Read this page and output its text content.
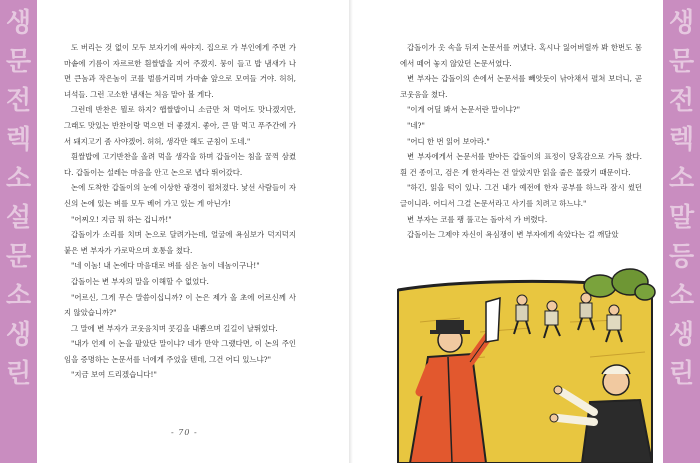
생
문
전
렉
소
설
문
소
생
린
생
문
전
렉
소
말
등
소
생
린

도 버리는 것 없이 모두 보자기에 싸야지. 집으로 가 부인에게 주면 가마솥에 기름이 자르르한 흰쌀밥을 지어 주겠지. 뭉이 들고 밥 냄새가 나면 큰놈과 작은놈이 코를 벌름거리며 가마솥 앞으로 모여들 거야. 허허, 녀석들. 그런 고소한 냄새는 처음 맡아 볼 게다.

그런데 반찬은 뭘로 하지? 햅쌀밥이니 소금만 쳐 먹어도 맛나겠지만, 그래도 맛있는 반찬이랑 먹으면 더 좋겠지. 좋아, 큰 맘 먹고 푸주간에 가서 돼지고기 좀 사야겠어. 허허, 생각만 해도 군침이 도네."

흰쌀밥에 고기반찬을 올려 먹을 생각을 하며 갑돌이는 침을 꿀꺽 삼켰다. 갑돌이는 설레는 마음을 안고 논으로 냅다 뛰어갔다.

논에 도착한 갑돌이의 눈에 이상한 광경이 펼쳐졌다. 낯선 사람들이 자신의 논에 있는 벼를 모두 베어 가고 있는 게 아닌가!

"어찌오! 지금 뭐 하는 겁니까!"

갑돌이가 소리를 치며 논으로 달려가는데, 얼굴에 욕심보가 덕지덕지 붙은 변 부자가 가로막으며 호통을 쳤다.

"네 이놈! 내 논에다 마음대로 벼를 심은 놈이 네놈이구나!"

갑돌이는 변 부자의 말을 이해할 수 없었다.

"어르신, 그게 무슨 말씀이십니까? 이 논은 제가 올 초에 어르신께 사지 않았습니까?"

그 말에 변 부자가 코웃음치며 콧김을 내뿜으며 길길이 날뛰었다.

"내가 언제 이 논을 팔았단 말이냐? 네가 만약 그랬다면, 이 논의 주인임을 증명하는 논문서를 너에게 주었을 텐데, 그건 어디 있느냐?"

"지금 보여 드리겠습니다!"

- 70 -

갑돌이가 옷 속을 뒤져 논문서를 꺼냈다. 혹시나 잃어버릴까 봐 한번도 몸에서 떼어 놓지 않았던 논문서였다.

변 부자는 갑돌이의 손에서 논문서를 빼앗듯이 낚아채서 펼쳐 보더니, 곧 코웃음을 쳤다.

"이게 어딜 봐서 논문서란 말이냐?"

"네?"

"어디 한 번 읽어 보아라."

변 부자에게서 논문서를 받아든 갑돌이의 표정이 당혹감으로 가득 찼다. 흰 건 종이고, 검은 게 한자라는 건 알았지만 읽을 줄은 몰랐기 때문이다.

"하긴, 읽을 턱이 있나. 그건 내가 예전에 한자 공부를 하느라 잠시 썼던 글이니라. 어디서 그걸 논문서라고 사기를 치려고 하느냐."

변 부자는 코를 팽 풀고는 돌아서 가 버렸다.

갑돌이는 그제야 자신이 욕심쟁이 변 부자에게 속았다는 걸 깨달았
